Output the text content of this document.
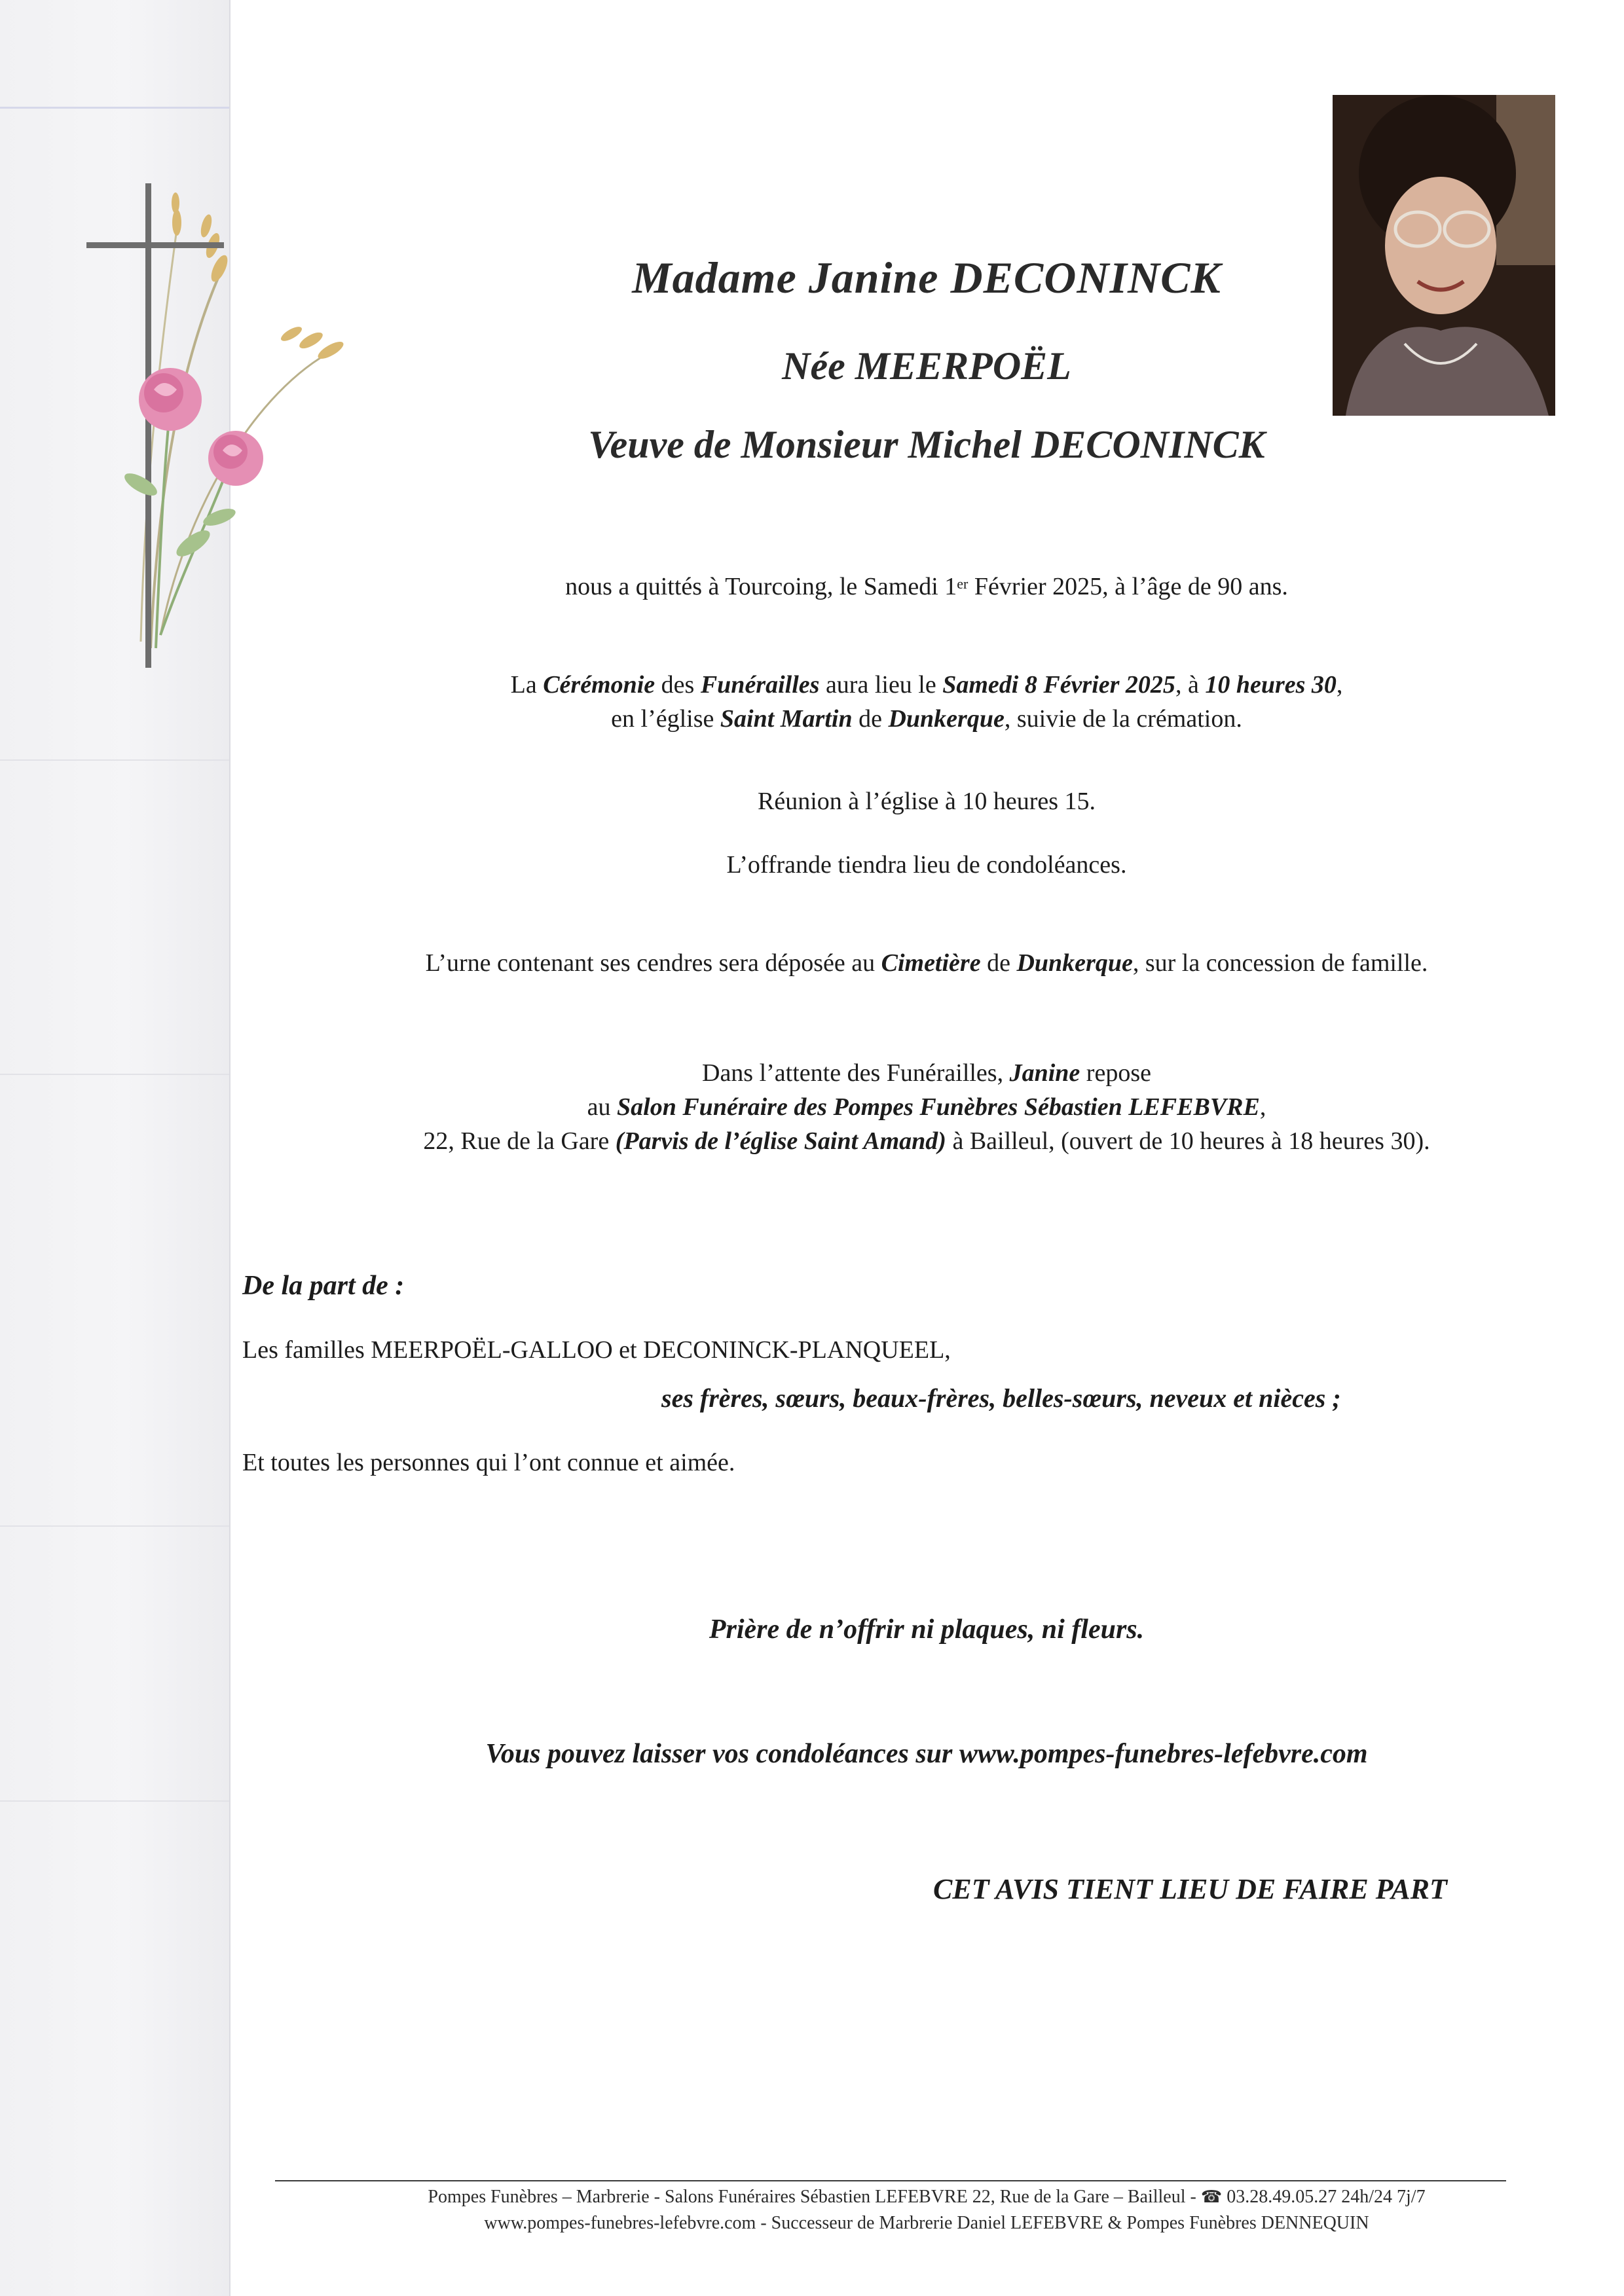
Madame Janine DECONINCK
Née MEERPOËL
Veuve de Monsieur Michel DECONINCK
nous a quittés à Tourcoing, le Samedi 1er Février 2025, à l’âge de 90 ans.
La Cérémonie des Funérailles aura lieu le Samedi 8 Février 2025, à 10 heures 30,
en l’église Saint Martin de Dunkerque, suivie de la crémation.
Réunion à l’église à 10 heures 15.
L’offrande tiendra lieu de condoléances.
L’urne contenant ses cendres sera déposée au Cimetière de Dunkerque, sur la concession de famille.
Dans l’attente des Funérailles, Janine repose
au Salon Funéraire des Pompes Funèbres Sébastien LEFEBVRE,
22, Rue de la Gare (Parvis de l’église Saint Amand) à Bailleul, (ouvert de 10 heures à 18 heures 30).
De la part de :
Les familles MEERPOËL-GALLOO et DECONINCK-PLANQUEEL,
ses frères, sœurs, beaux-frères, belles-sœurs, neveux et nièces ;
Et toutes les personnes qui l’ont connue et aimée.
Prière de n’offrir ni plaques, ni fleurs.
Vous pouvez laisser vos condoléances sur www.pompes-funebres-lefebvre.com
CET AVIS TIENT LIEU DE FAIRE PART
Pompes Funèbres – Marbrerie - Salons Funéraires Sébastien LEFEBVRE 22, Rue de la Gare – Bailleul - ☎ 03.28.49.05.27 24h/24 7j/7
www.pompes-funebres-lefebvre.com - Successeur de Marbrerie Daniel LEFEBVRE & Pompes Funèbres DENNEQUIN
